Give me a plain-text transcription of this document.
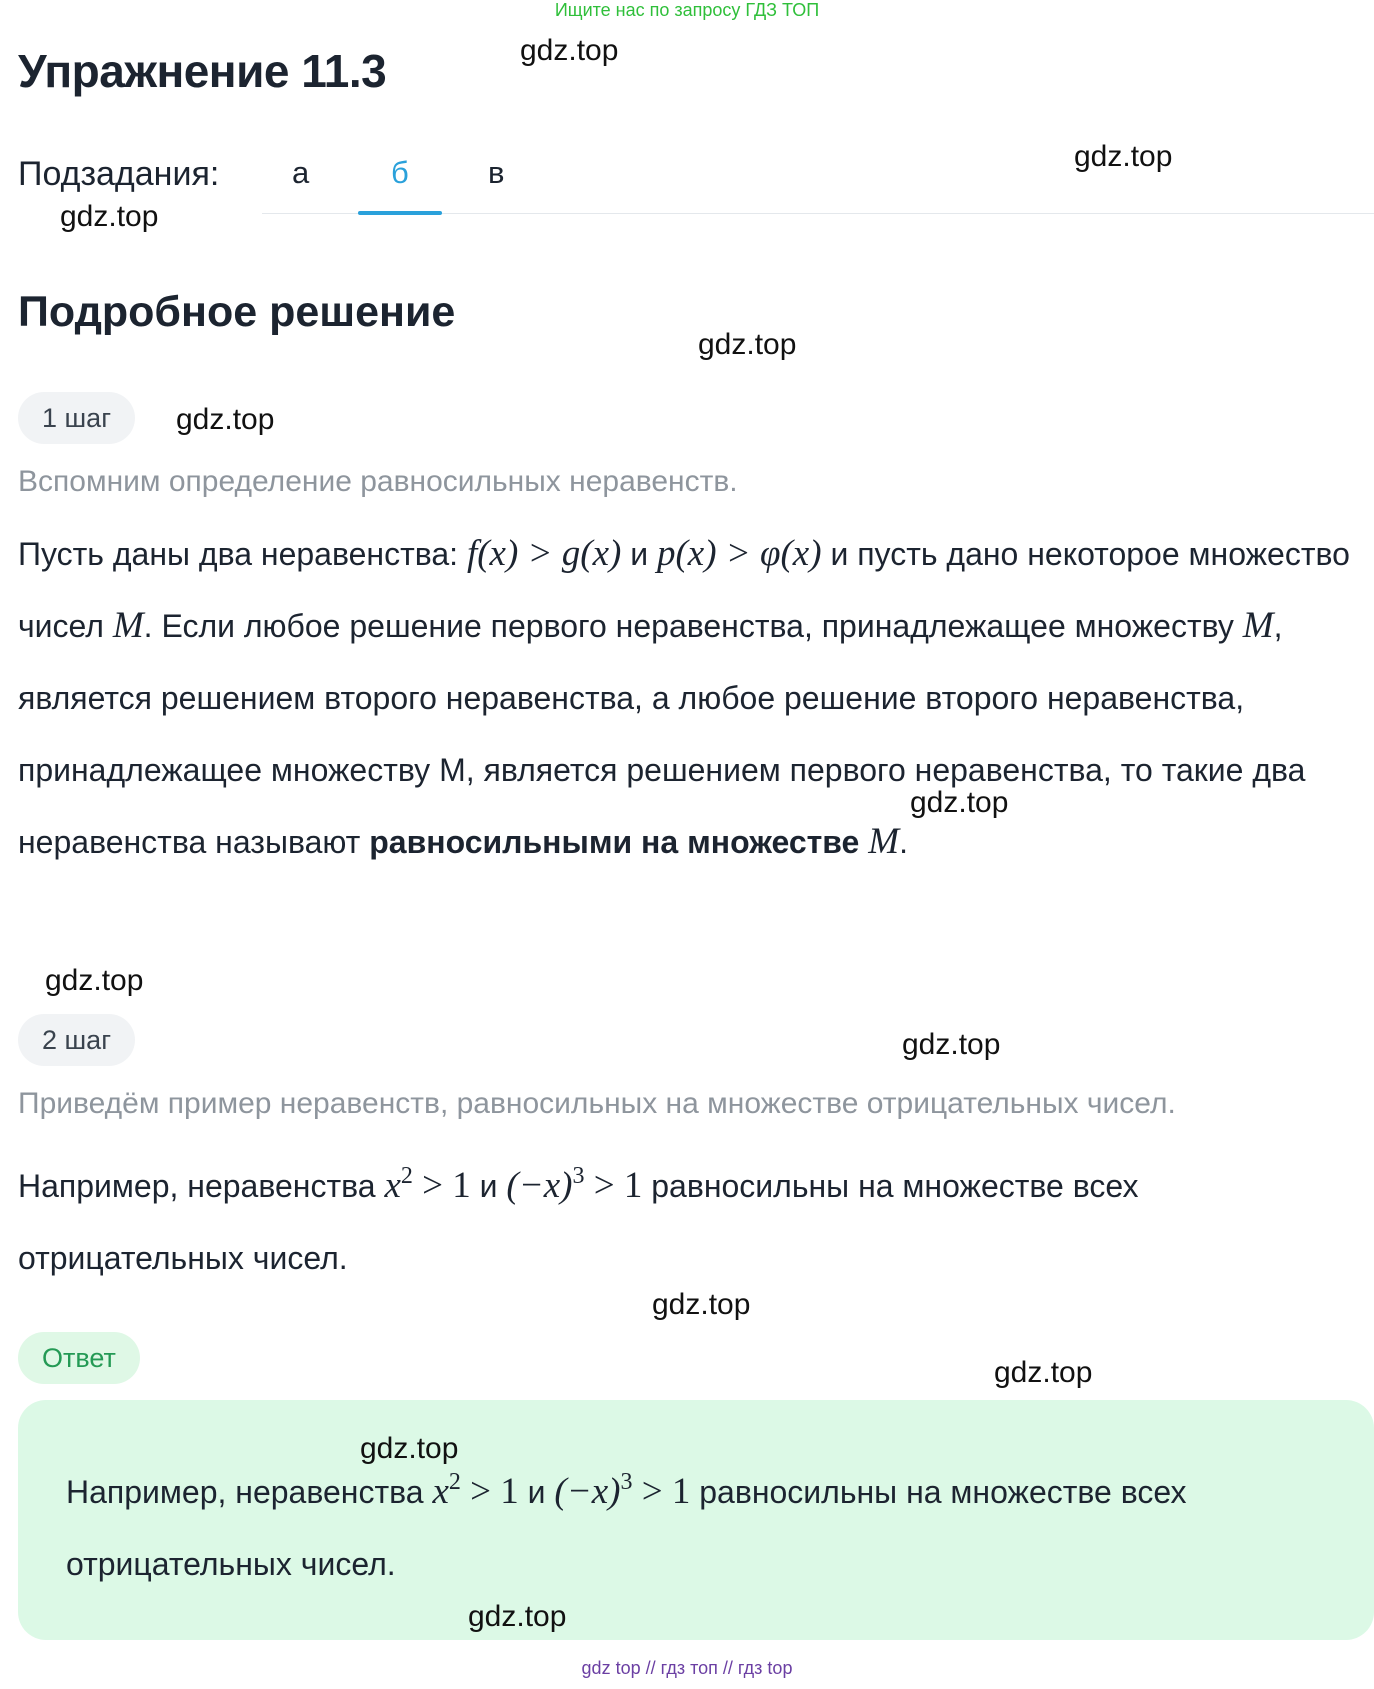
Ищите нас по запросу ГДЗ ТОП
Упражнение 11.3	gdz.top
Подзадания: а	б	в	gdz.top
gdz.top
Подробное решение
gdz.top
1 шаг	gdz.top
Вспомним определение равносильных неравенств.
Пусть даны два неравенства: f(x) > g(x) и p(x) > φ(x) и пусть дано некоторое множество чисел M. Если любое решение первого неравенства, принадлежащее множеству M, является решением второго неравенства, а любое решение второго неравенства, принадлежащее множеству М, является решением первого неравенства, то такие два неравенства называют равносильными на множестве M.
gdz.top
gdz.top
2 шаг	gdz.top
Приведём пример неравенств, равносильных на множестве отрицательных чисел.
Например, неравенства $x^2 > 1$ и $(-x)^3 > 1$ равносильны на множестве всех отрицательных чисел.
gdz.top
Ответ	gdz.top
gdz.top
Например, неравенства $x^2 > 1$ и $(-x)^3 > 1$ равносильны на множестве всех отрицательных чисел.
gdz.top
gdz top // гдз топ // гдз top
